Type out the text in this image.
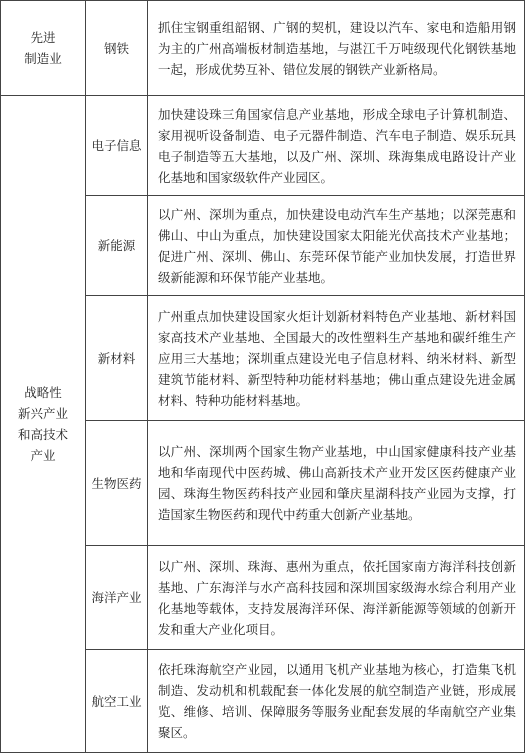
先进
制造业	钢铁	抓住宝钢重组韶钢、广钢的契机，建设以汽车、家电和造船用钢为主的广州高端板材制造基地，与湛江千万吨级现代化钢铁基地一起，形成优势互补、错位发展的钢铁产业新格局。
战略性
新兴产业
和高技术
产业	电子信息	加快建设珠三角国家信息产业基地，形成全球电子计算机制造、家用视听设备制造、电子元器件制造、汽车电子制造、娱乐玩具电子制造等五大基地，以及广州、深圳、珠海集成电路设计产业化基地和国家级软件产业园区。
	新能源	以广州、深圳为重点，加快建设电动汽车生产基地；以深莞惠和佛山、中山为重点，加快建设国家太阳能光伏高技术产业基地；促进广州、深圳、佛山、东莞环保节能产业加快发展，打造世界级新能源和环保节能产业基地。
	新材料	广州重点加快建设国家火炬计划新材料特色产业基地、新材料国家高技术产业基地、全国最大的改性塑料生产基地和碳纤维生产应用三大基地；深圳重点建设光电子信息材料、纳米材料、新型建筑节能材料、新型特种功能材料基地；佛山重点建设先进金属材料、特种功能材料基地。
	生物医药	以广州、深圳两个国家生物产业基地，中山国家健康科技产业基地和华南现代中医药城、佛山高新技术产业开发区医药健康产业园、珠海生物医药科技产业园和肇庆星湖科技产业园为支撑，打造国家生物医药和现代中药重大创新产业基地。
	海洋产业	以广州、深圳、珠海、惠州为重点，依托国家南方海洋科技创新基地、广东海洋与水产高科技园和深圳国家级海水综合利用产业化基地等载体，支持发展海洋环保、海洋新能源等领域的创新开发和重大产业化项目。
	航空工业	依托珠海航空产业园，以通用飞机产业基地为核心，打造集飞机制造、发动机和机载配套一体化发展的航空制造产业链，形成展览、维修、培训、保障服务等服务业配套发展的华南航空产业集聚区。
